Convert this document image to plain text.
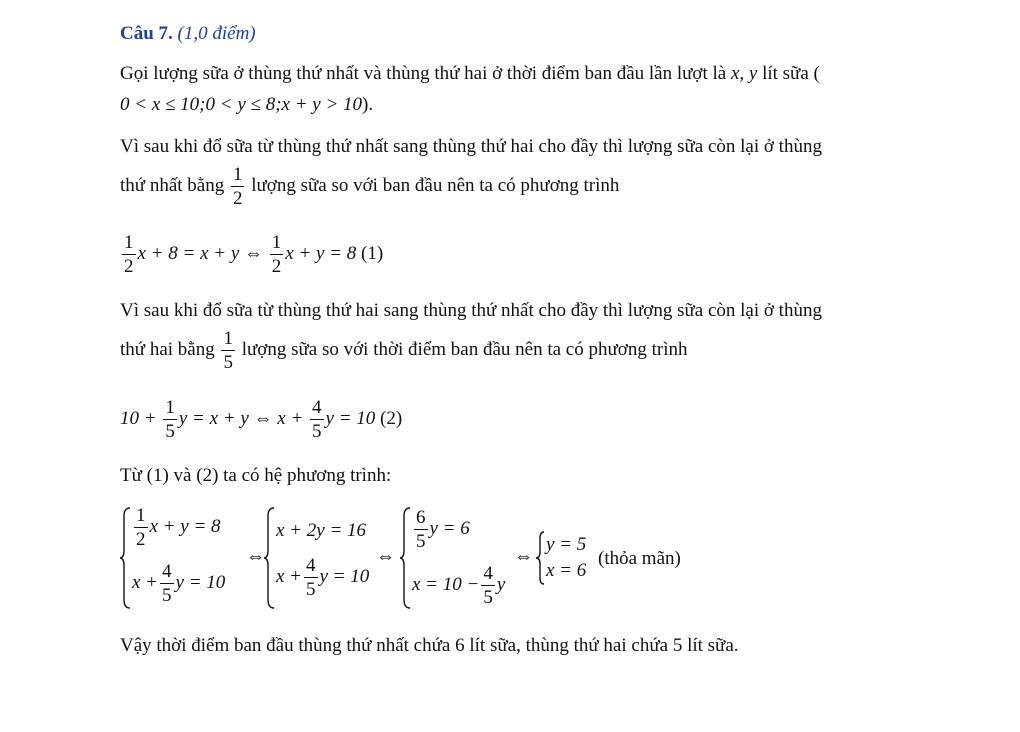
Câu 7. (1,0 điểm)
Gọi lượng sữa ở thùng thứ nhất và thùng thứ hai ở thời điểm ban đầu lần lượt là x, y lít sữa (
0 < x ≤ 10;0 < y ≤ 8;x + y > 10).
Vì sau khi đổ sữa từ thùng thứ nhất sang thùng thứ hai cho đầy thì lượng sữa còn lại ở thùng
thứ nhất bằng $\frac{1}{2}$ lượng sữa so với ban đầu nên ta có phương trình
$\frac{1}{2}$ x + 8 = x + y ⇔ $\frac{1}{2}$ x + y = 8 (1)
Vì sau khi đổ sữa từ thùng thứ hai sang thùng thứ nhất cho đầy thì lượng sữa còn lại ở thùng
thứ hai bằng $\frac{1}{5}$ lượng sữa so với thời điểm ban đầu nên ta có phương trình
$10 + \frac{1}{5}$ y = x + y ⇔ $x + \frac{4}{5}$ y = 10 (2)
Từ (1) và (2) ta có hệ phương trình:
$\frac{1}{2}$ x + y = 8
$x + \frac{4}{5}$ y = 10
⇔
x + 2y = 16
$x + \frac{4}{5}$ y = 10
⇔
$\frac{6}{5}$ y = 6
$x = 10 - \frac{4}{5}$ y
⇔
y = 5
x = 6
(thỏa mãn)
Vậy thời điểm ban đầu thùng thứ nhất chứa 6 lít sữa, thùng thứ hai chứa 5 lít sữa.
